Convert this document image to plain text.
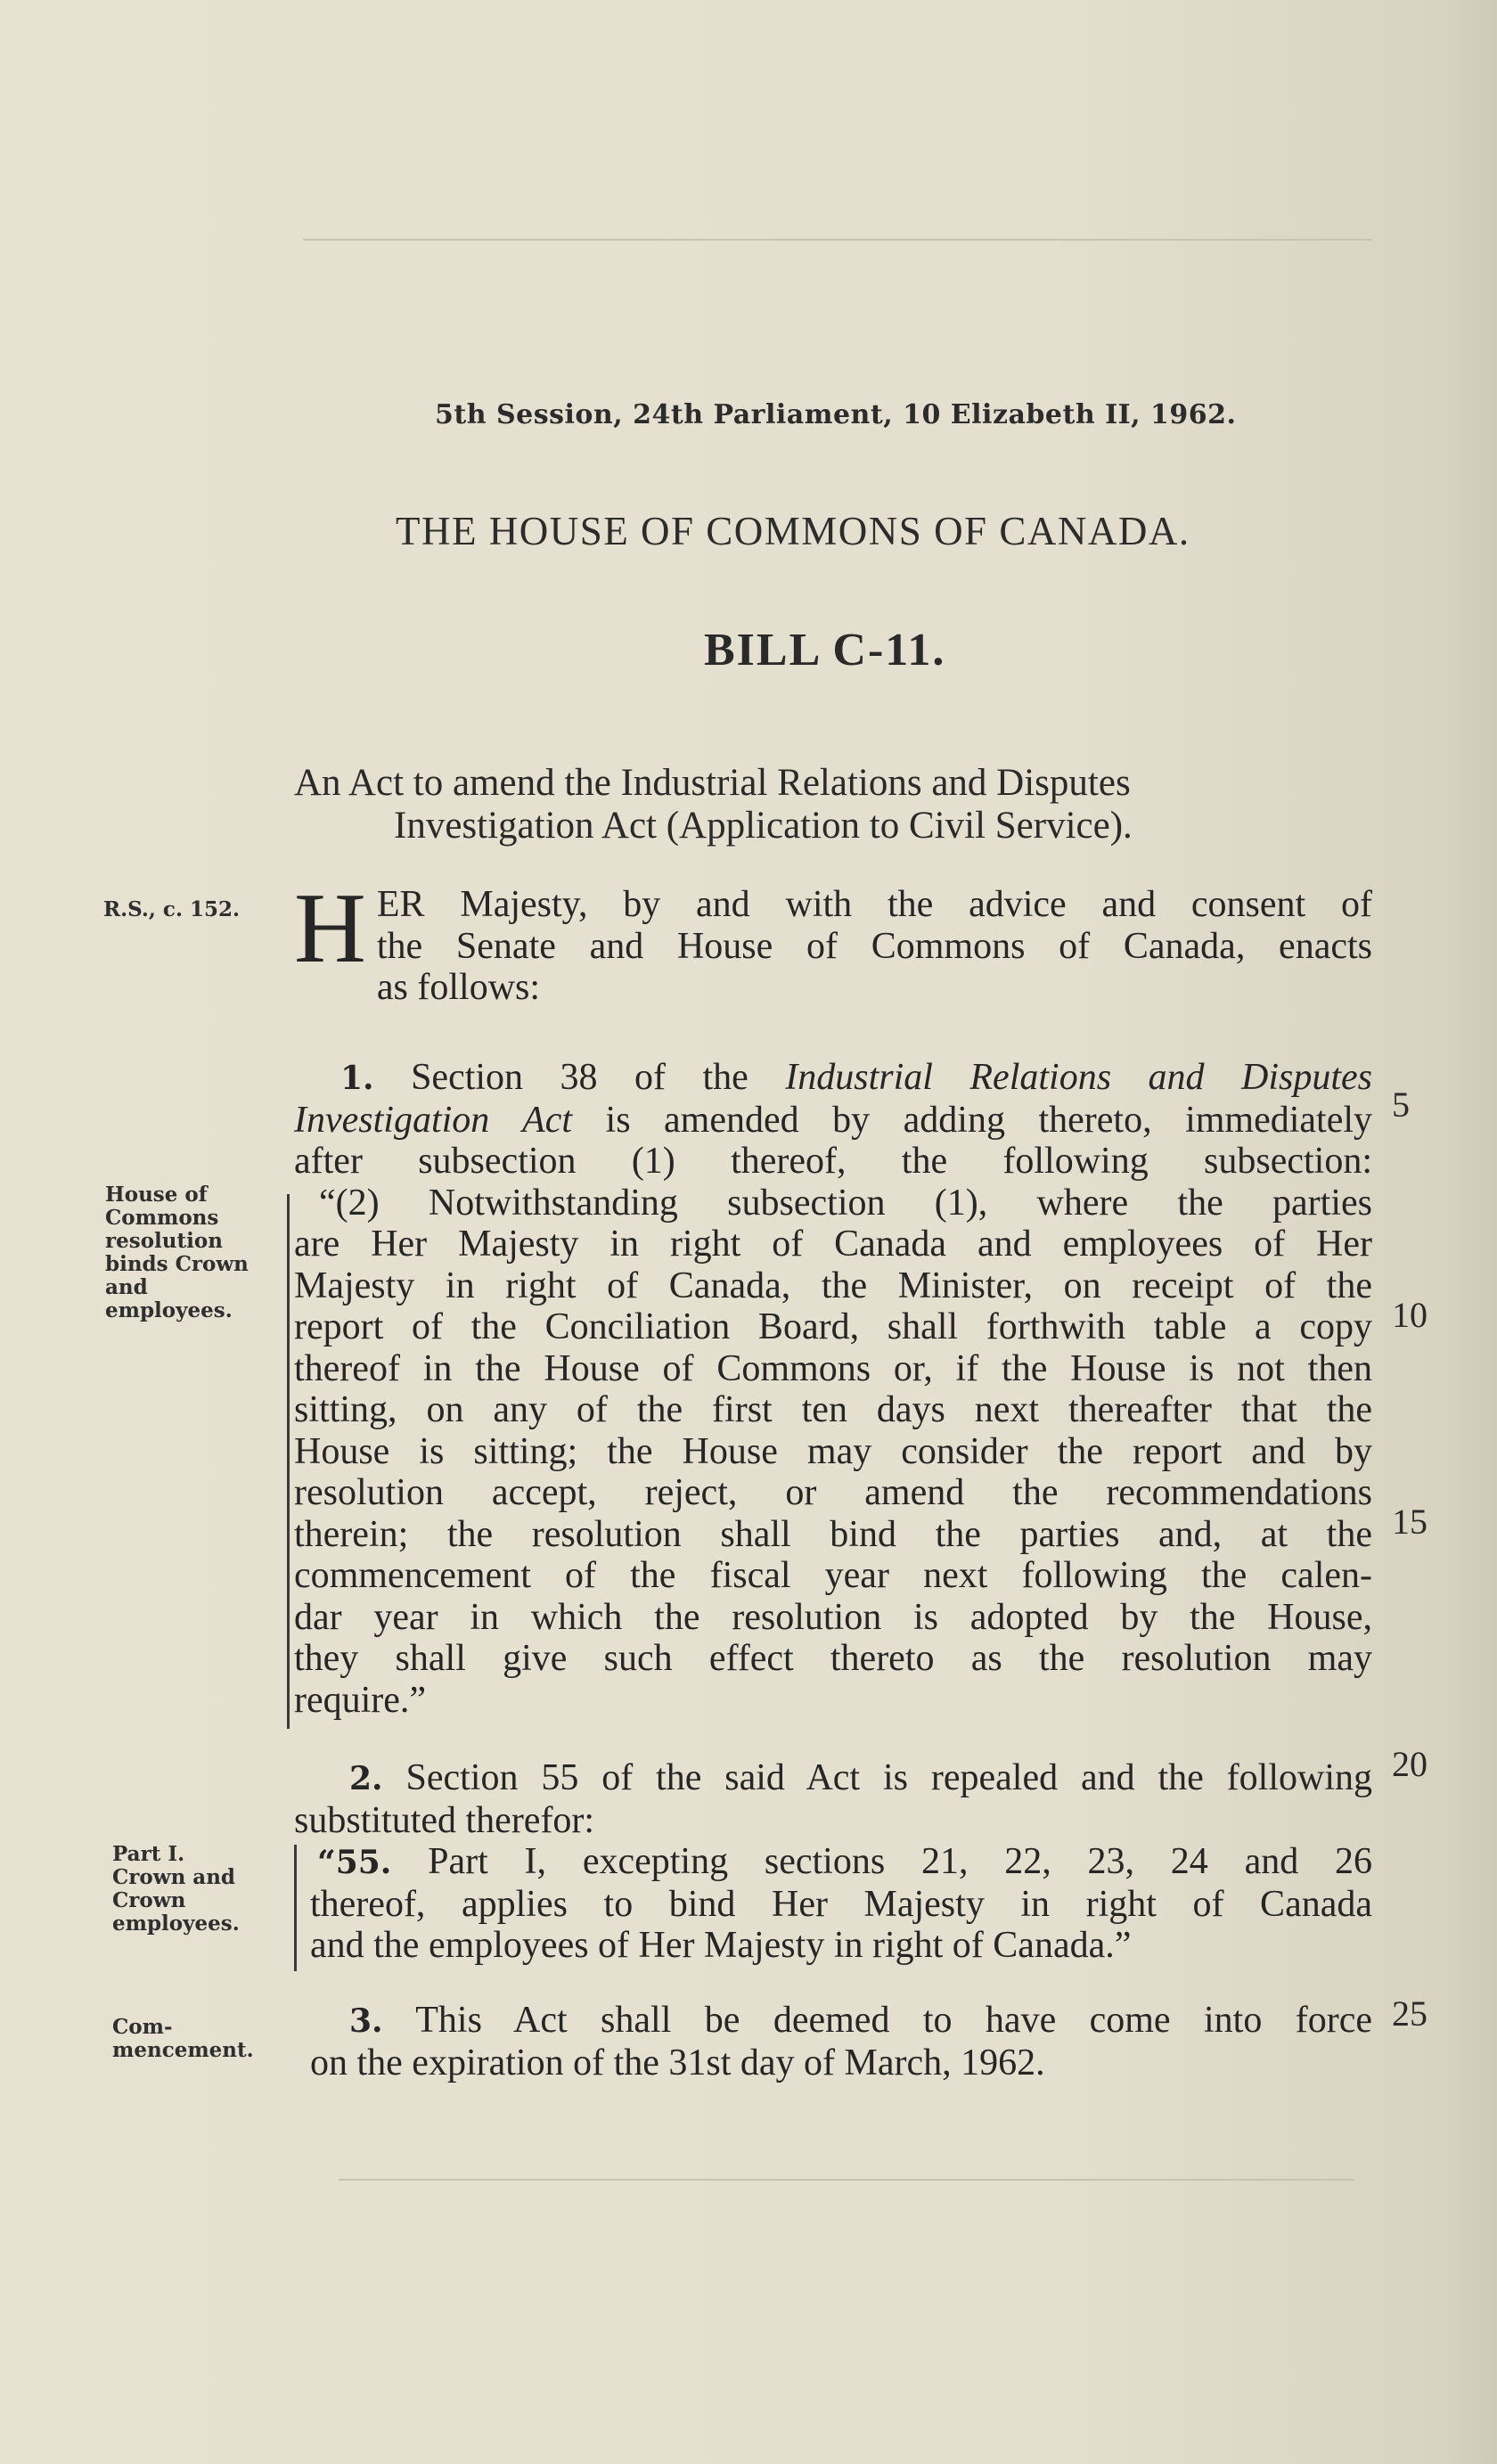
5th Session, 24th Parliament, 10 Elizabeth II, 1962.
THE HOUSE OF COMMONS OF CANADA.
BILL C-11.
An Act to amend the Industrial Relations and Disputes
Investigation Act (Application to Civil Service).
R.S., c. 152.
House of
Commons
resolution
binds Crown
and
employees.
Part I.
Crown and
Crown
employees.
Com-
mencement.
H ER Majesty, by and with the advice and consent of
the Senate and House of Commons of Canada, enacts
as follows:
1. Section 38 of the Industrial Relations and Disputes
Investigation Act is amended by adding thereto, immediately
after subsection (1) thereof, the following subsection:
“(2) Notwithstanding subsection (1), where the parties
are Her Majesty in right of Canada and employees of Her
Majesty in right of Canada, the Minister, on receipt of the
report of the Conciliation Board, shall forthwith table a copy
thereof in the House of Commons or, if the House is not then
sitting, on any of the first ten days next thereafter that the
House is sitting; the House may consider the report and by
resolution accept, reject, or amend the recommendations
therein; the resolution shall bind the parties and, at the
commencement of the fiscal year next following the calen-
dar year in which the resolution is adopted by the House,
they shall give such effect thereto as the resolution may
require.”
2. Section 55 of the said Act is repealed and the following
substituted therefor:
“55. Part I, excepting sections 21, 22, 23, 24 and 26
thereof, applies to bind Her Majesty in right of Canada
and the employees of Her Majesty in right of Canada.”
3. This Act shall be deemed to have come into force
on the expiration of the 31st day of March, 1962.
5
10
15
20
25
